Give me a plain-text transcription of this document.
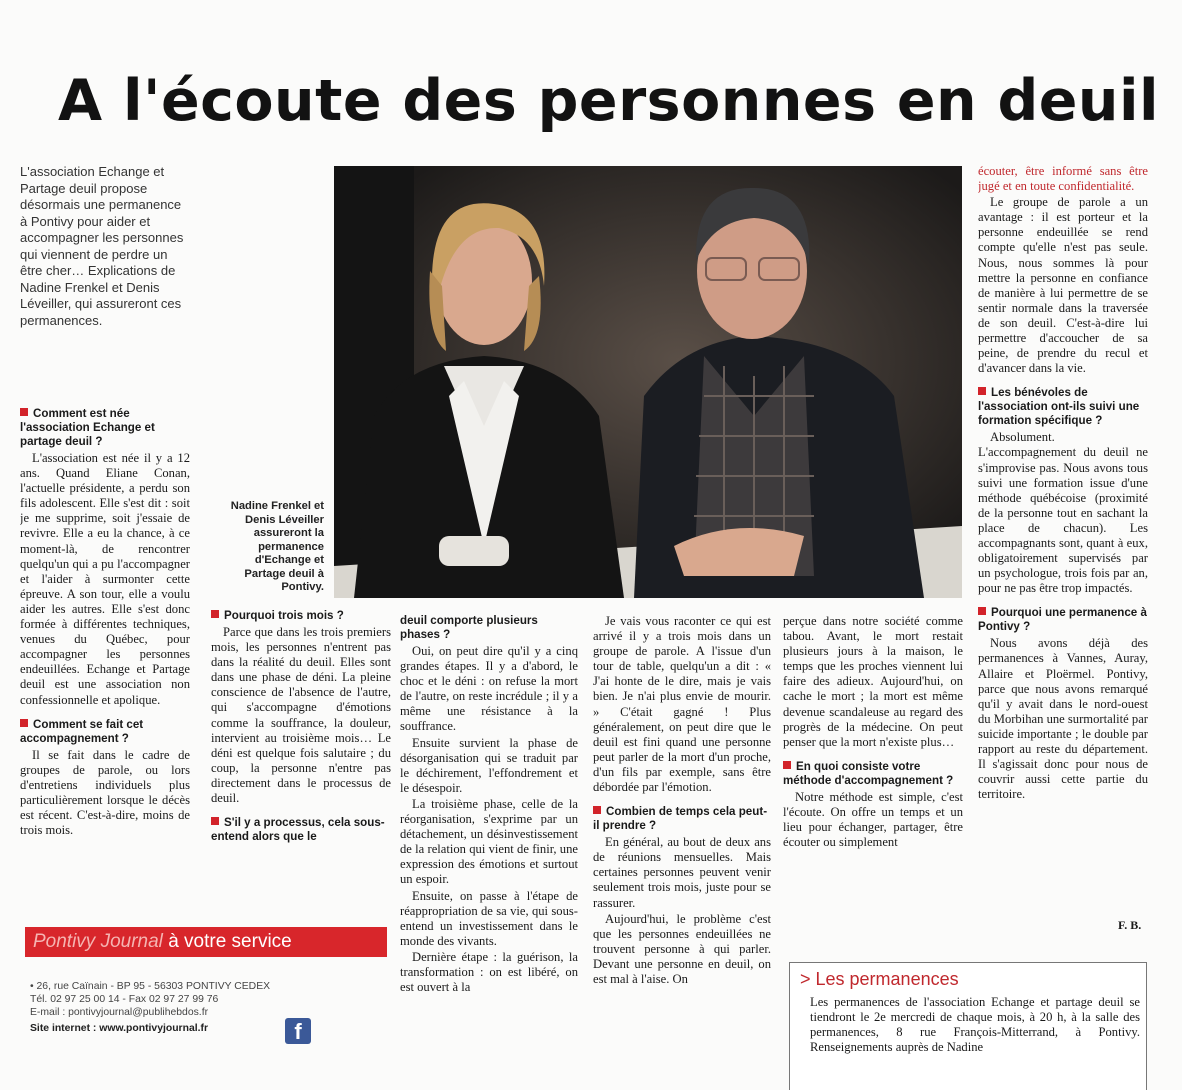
A l'écoute des personnes en deuil
L'association Echange et Partage deuil propose désormais une permanence à Pontivy pour aider et accompagner les personnes qui viennent de perdre un être cher… Explications de Nadine Frenkel et Denis Léveiller, qui assureront ces permanences.
Nadine Frenkel et Denis Léveiller assureront la permanence d'Echange et Partage deuil à Pontivy.
Comment est née l'association Echange et partage deuil ?

L'association est née il y a 12 ans. Quand Eliane Conan, l'actuelle présidente, a perdu son fils adolescent. Elle s'est dit : soit je me supprime, soit j'essaie de revivre. Elle a eu la chance, à ce moment-là, de rencontrer quelqu'un qui a pu l'accompagner et l'aider à surmonter cette épreuve. A son tour, elle a voulu aider les autres. Elle s'est donc formée à différentes techniques, venues du Québec, pour accompagner les personnes endeuillées. Echange et Partage deuil est une association non confessionnelle et apolique.

Comment se fait cet accompagnement ?

Il se fait dans le cadre de groupes de parole, ou lors d'entretiens individuels plus particulièrement lorsque le décès est récent. C'est-à-dire, moins de trois mois.

Pourquoi trois mois ?

Parce que dans les trois premiers mois, les personnes n'entrent pas dans la réalité du deuil. Elles sont dans une phase de déni. La pleine conscience de l'absence de l'autre, qui s'accompagne d'émotions comme la souffrance, la douleur, intervient au troisième mois… Le déni est quelque fois salutaire ; du coup, la personne n'entre pas directement dans le processus de deuil.

S'il y a processus, cela sous-entend alors que le
deuil comporte plusieurs phases ?

Oui, on peut dire qu'il y a cinq grandes étapes. Il y a d'abord, le choc et le déni : on refuse la mort de l'autre, on reste incrédule ; il y a même une résistance à la souffrance.

Ensuite survient la phase de désorganisation qui se traduit par le déchirement, l'effondrement et le désespoir.

La troisième phase, celle de la réorganisation, s'exprime par un détachement, un désinvestissement de la relation qui vient de finir, une expression des émotions et surtout un espoir.

Ensuite, on passe à l'étape de réappropriation de sa vie, qui sous-entend un investissement dans le monde des vivants.

Dernière étape : la guérison, la transformation : on est libéré, on est ouvert à la

Je vais vous raconter ce qui est arrivé il y a trois mois dans un groupe de parole. A l'issue d'un tour de table, quelqu'un a dit : « J'ai honte de le dire, mais je vais bien. Je n'ai plus envie de mourir. » C'était gagné ! Plus généralement, on peut dire que le deuil est fini quand une personne peut parler de la mort d'un proche, d'un fils par exemple, sans être débordée par l'émotion.

Combien de temps cela peut-il prendre ?

En général, au bout de deux ans de réunions mensuelles. Mais certaines personnes peuvent venir seulement trois mois, juste pour se rassurer.

Aujourd'hui, le problème c'est que les personnes endeuillées ne trouvent personne à qui parler. Devant une personne en deuil, on est mal à l'aise. On

perçue dans notre société comme tabou. Avant, le mort restait plusieurs jours à la maison, le temps que les proches viennent lui faire des adieux. Aujourd'hui, on cache le mort ; la mort est même devenue scandaleuse au regard des progrès de la médecine. On peut penser que la mort n'existe plus…

En quoi consiste votre méthode d'accompagnement ?

Notre méthode est simple, c'est l'écoute. On offre un temps et un lieu pour échanger, partager, être écouter ou simplement

écouter, être informé sans être jugé et en toute confidentialité.

Le groupe de parole a un avantage : il est porteur et la personne endeuillée se rend compte qu'elle n'est pas seule. Nous, nous sommes là pour mettre la personne en confiance de manière à lui permettre de se sentir normale dans la traversée de son deuil. C'est-à-dire lui permettre d'accoucher de sa peine, de prendre du recul et d'avancer dans la vie.

Les bénévoles de l'association ont-ils suivi une formation spécifique ?

Absolument. L'accompagnement du deuil ne s'improvise pas. Nous avons tous suivi une formation issue d'une méthode québécoise (proximité de la personne tout en sachant la place de chacun). Les accompagnants sont, quant à eux, obligatoirement supervisés par un psychologue, trois fois par an, pour ne pas être trop impactés.

Pourquoi une permanence à Pontivy ?

Nous avons déjà des permanences à Vannes, Auray, Allaire et Ploërmel. Pontivy, parce que nous avons remarqué qu'il y avait dans le nord-ouest du Morbihan une surmortalité par suicide importante ; le double par rapport au reste du département. Il s'agissait donc pour nous de couvrir aussi cette partie du territoire.

F. B.
Pontivy Journal à votre service
• 26, rue Caïnain - BP 95 - 56303 PONTIVY CEDEX
Tél. 02 97 25 00 14 - Fax 02 97 27 99 76
E-mail : pontivyjournal@publihebdos.fr
Site internet : www.pontivyjournal.fr	f
> Les permanences
Les permanences de l'association Echange et partage deuil se tiendront le 2e mercredi de chaque mois, à 20 h, à la salle des permanences, 8 rue François-Mitterrand, à Pontivy. Renseignements auprès de Nadine
